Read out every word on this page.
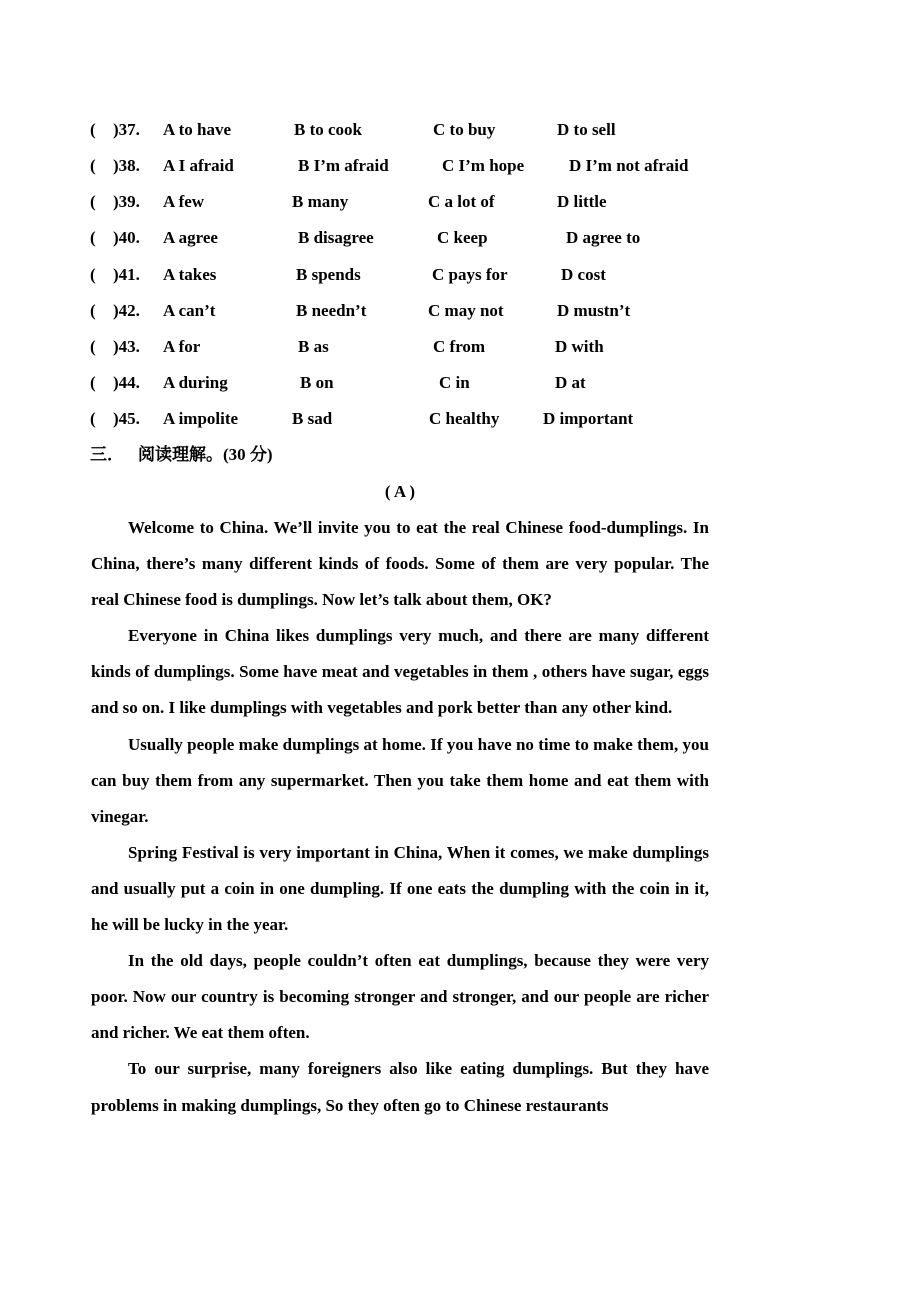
( )37. A to have	B to cook	C to buy	D to sell
( )38. A I afraid	B I’m afraid	C I’m hope	D I’m not afraid
( )39. A few	B many	C a lot of	D little
( )40. A agree	B disagree	C keep	D agree to
( )41. A takes	B spends	C pays for	D cost
( )42. A can’t	B needn’t	C may not	D mustn’t
( )43. A for	B as	C from	D with
( )44. A during	B on	C in	D at
( )45. A impolite	B sad	C healthy	D important
三． 阅读理解。(30 分)
( A )

Welcome to China. We’ll invite you to eat the real Chinese food-dumplings. In China, there’s many different kinds of foods. Some of them are very popular. The real Chinese food is dumplings. Now let’s talk about them, OK?

Everyone in China likes dumplings very much, and there are many different kinds of dumplings. Some have meat and vegetables in them , others have sugar, eggs and so on. I like dumplings with vegetables and pork better than any other kind.

Usually people make dumplings at home. If you have no time to make them, you can buy them from any supermarket. Then you take them home and eat them with vinegar.

Spring Festival is very important in China, When it comes, we make dumplings and usually put a coin in one dumpling. If one eats the dumpling with the coin in it, he will be lucky in the year.

In the old days, people couldn’t often eat dumplings, because they were very poor. Now our country is becoming stronger and stronger, and our people are richer and richer. We eat them often.

To our surprise, many foreigners also like eating dumplings. But they have problems in making dumplings, So they often go to Chinese restaurants
